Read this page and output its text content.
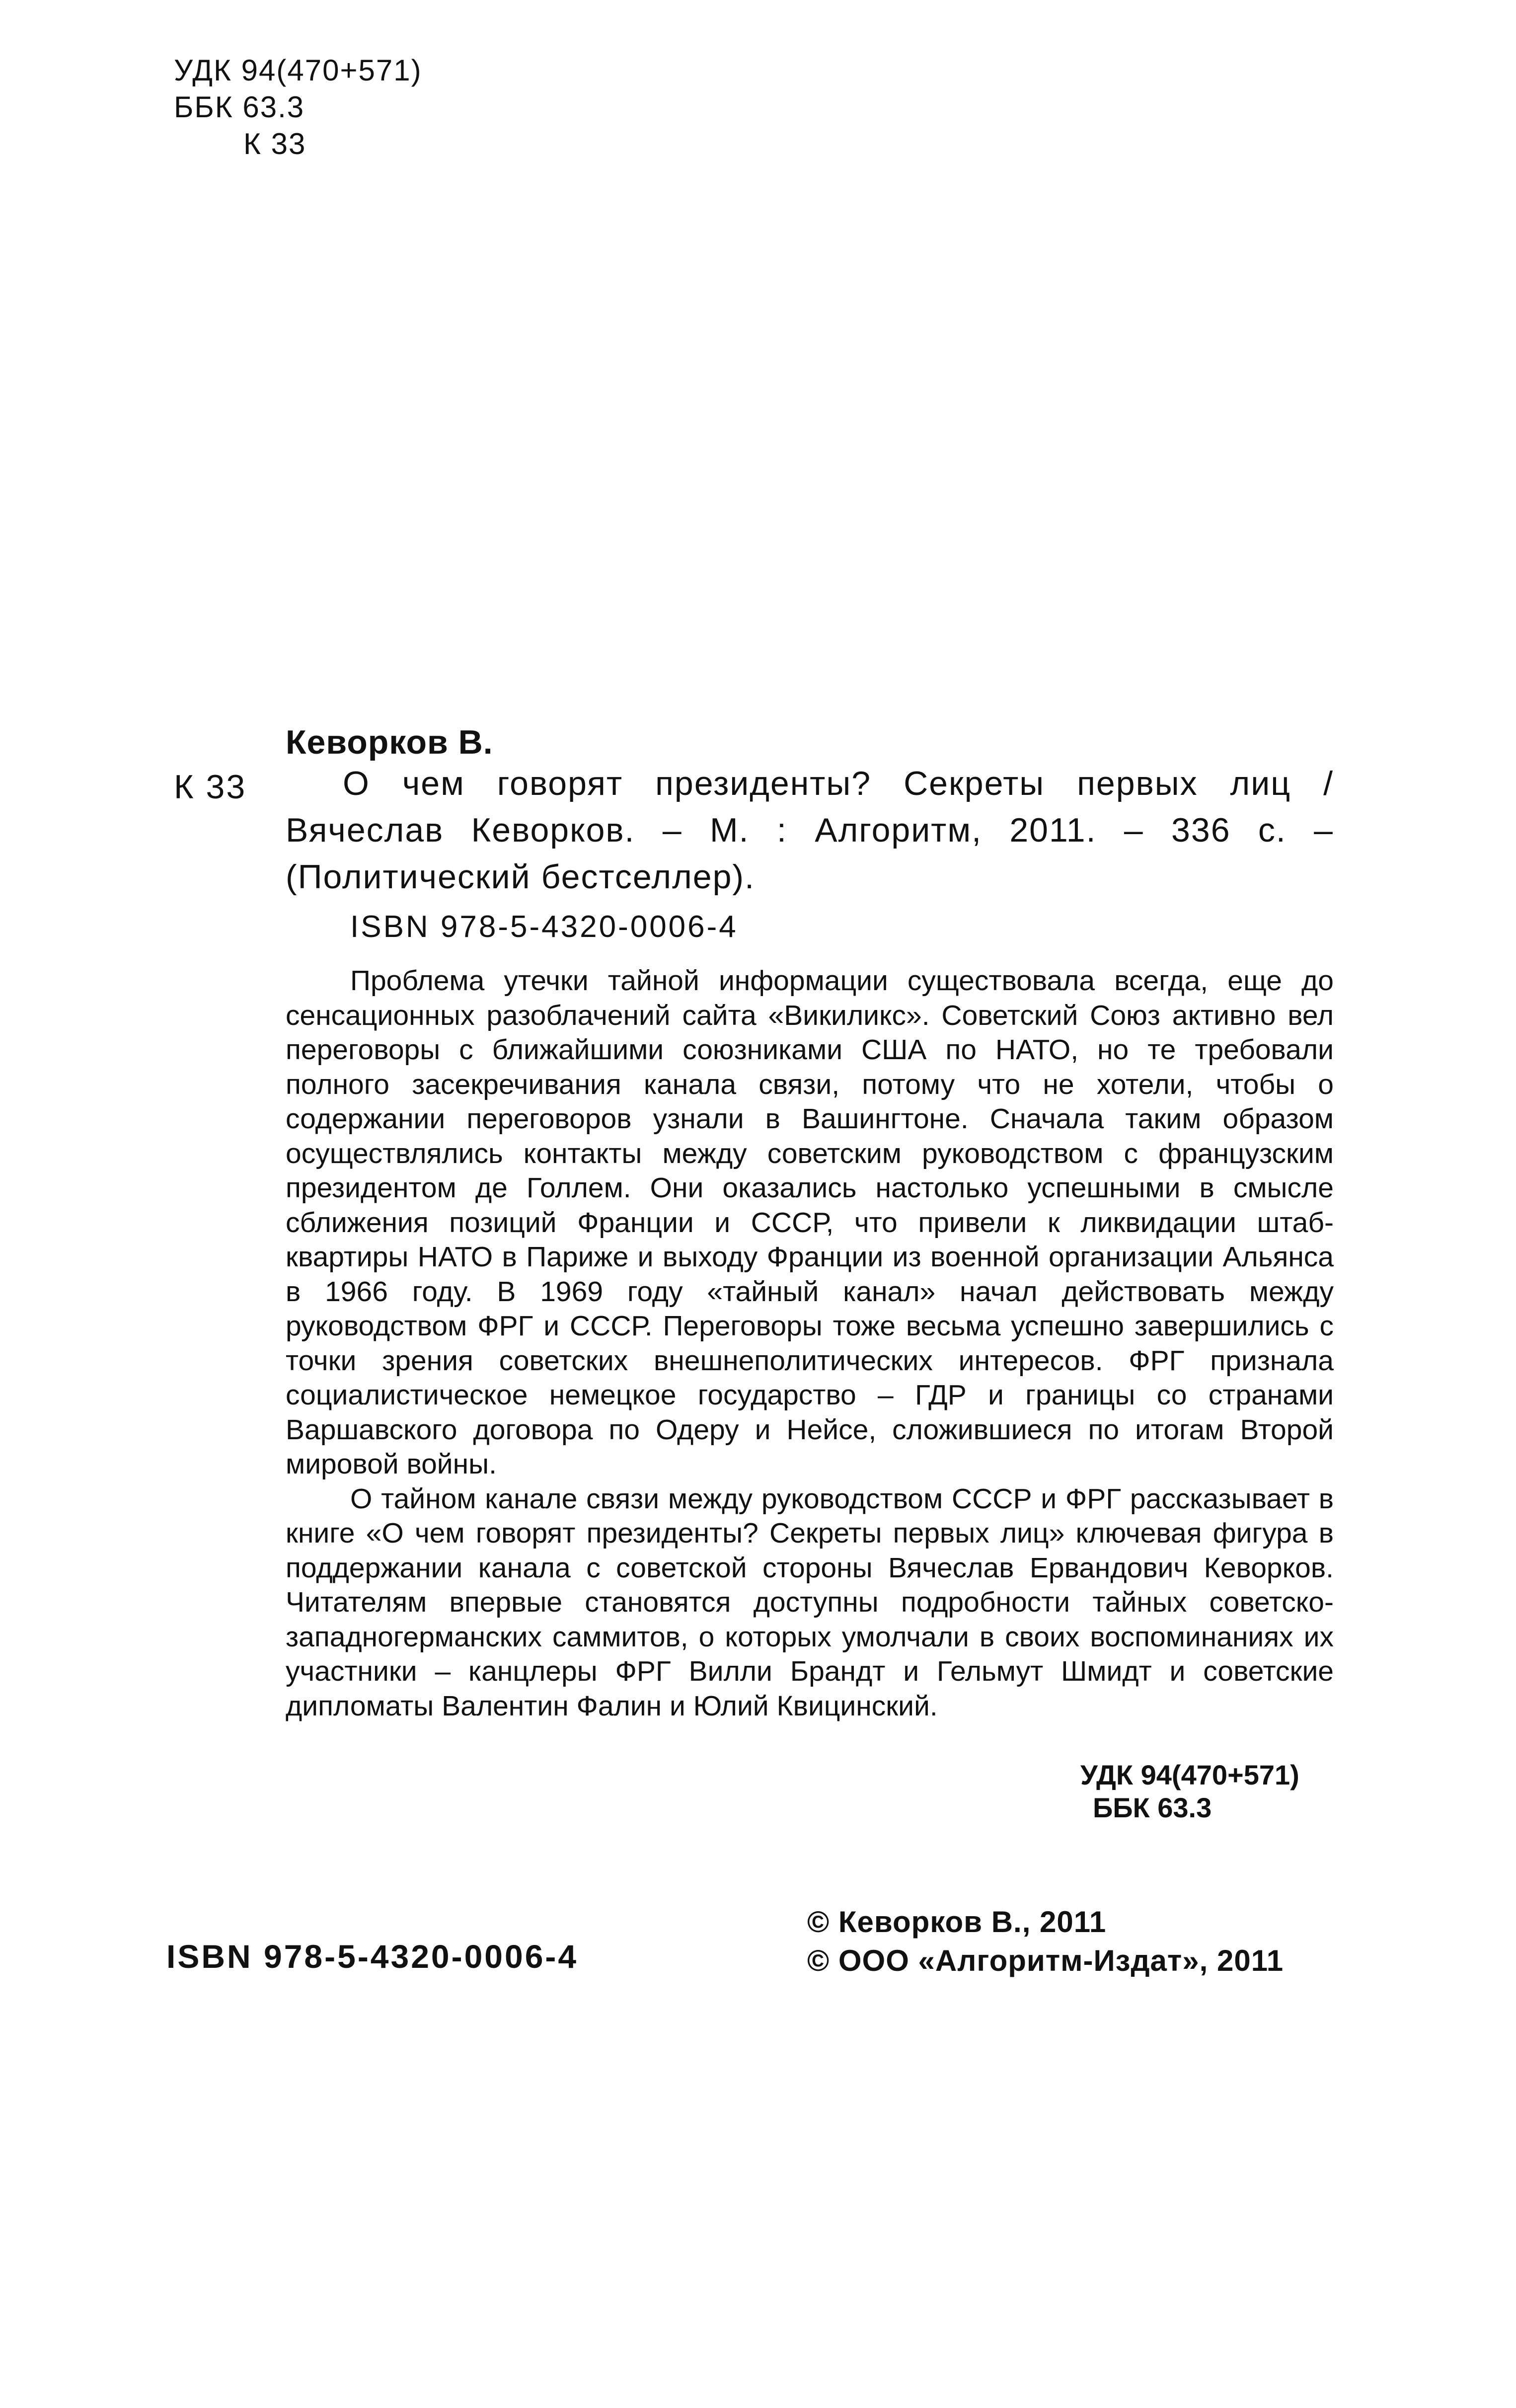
УДК 94(470+571)
ББК 63.3
К 33
Кеворков В.
К 33	О чем говорят президенты? Секреты первых лиц / Вячеслав Кеворков. – М. : Алгоритм, 2011. – 336 с. – (Политический бестселлер).
ISBN 978-5-4320-0006-4

Проблема утечки тайной информации существовала всегда, еще до сенсационных разоблачений сайта «Викиликс». Советский Союз активно вел переговоры с ближайшими союзниками США по НАТО, но те требовали полного засекречивания канала связи, потому что не хотели, чтобы о содержании переговоров узнали в Вашингтоне. Сначала таким образом осуществлялись контакты между советским руководством с французским президентом де Голлем. Они оказались настолько успешными в смысле сближения позиций Франции и СССР, что привели к ликвидации штаб-квартиры НАТО в Париже и выходу Франции из военной организации Альянса в 1966 году. В 1969 году «тайный канал» начал действовать между руководством ФРГ и СССР. Переговоры тоже весьма успешно завершились с точки зрения советских внешнеполитических интересов. ФРГ признала социалистическое немецкое государство – ГДР и границы со странами Варшавского договора по Одеру и Нейсе, сложившиеся по итогам Второй мировой войны.

О тайном канале связи между руководством СССР и ФРГ рассказывает в книге «О чем говорят президенты? Секреты первых лиц» ключевая фигура в поддержании канала с советской стороны Вячеслав Ервандович Кеворков. Читателям впервые становятся доступны подробности тайных советско-западногерманских саммитов, о которых умолчали в своих воспоминаниях их участники – канцлеры ФРГ Вилли Брандт и Гельмут Шмидт и советские дипломаты Валентин Фалин и Юлий Квицинский.

УДК 94(470+571)
ББК 63.3
ISBN 978-5-4320-0006-4
© Кеворков В., 2011
© ООО «Алгоритм-Издат», 2011
